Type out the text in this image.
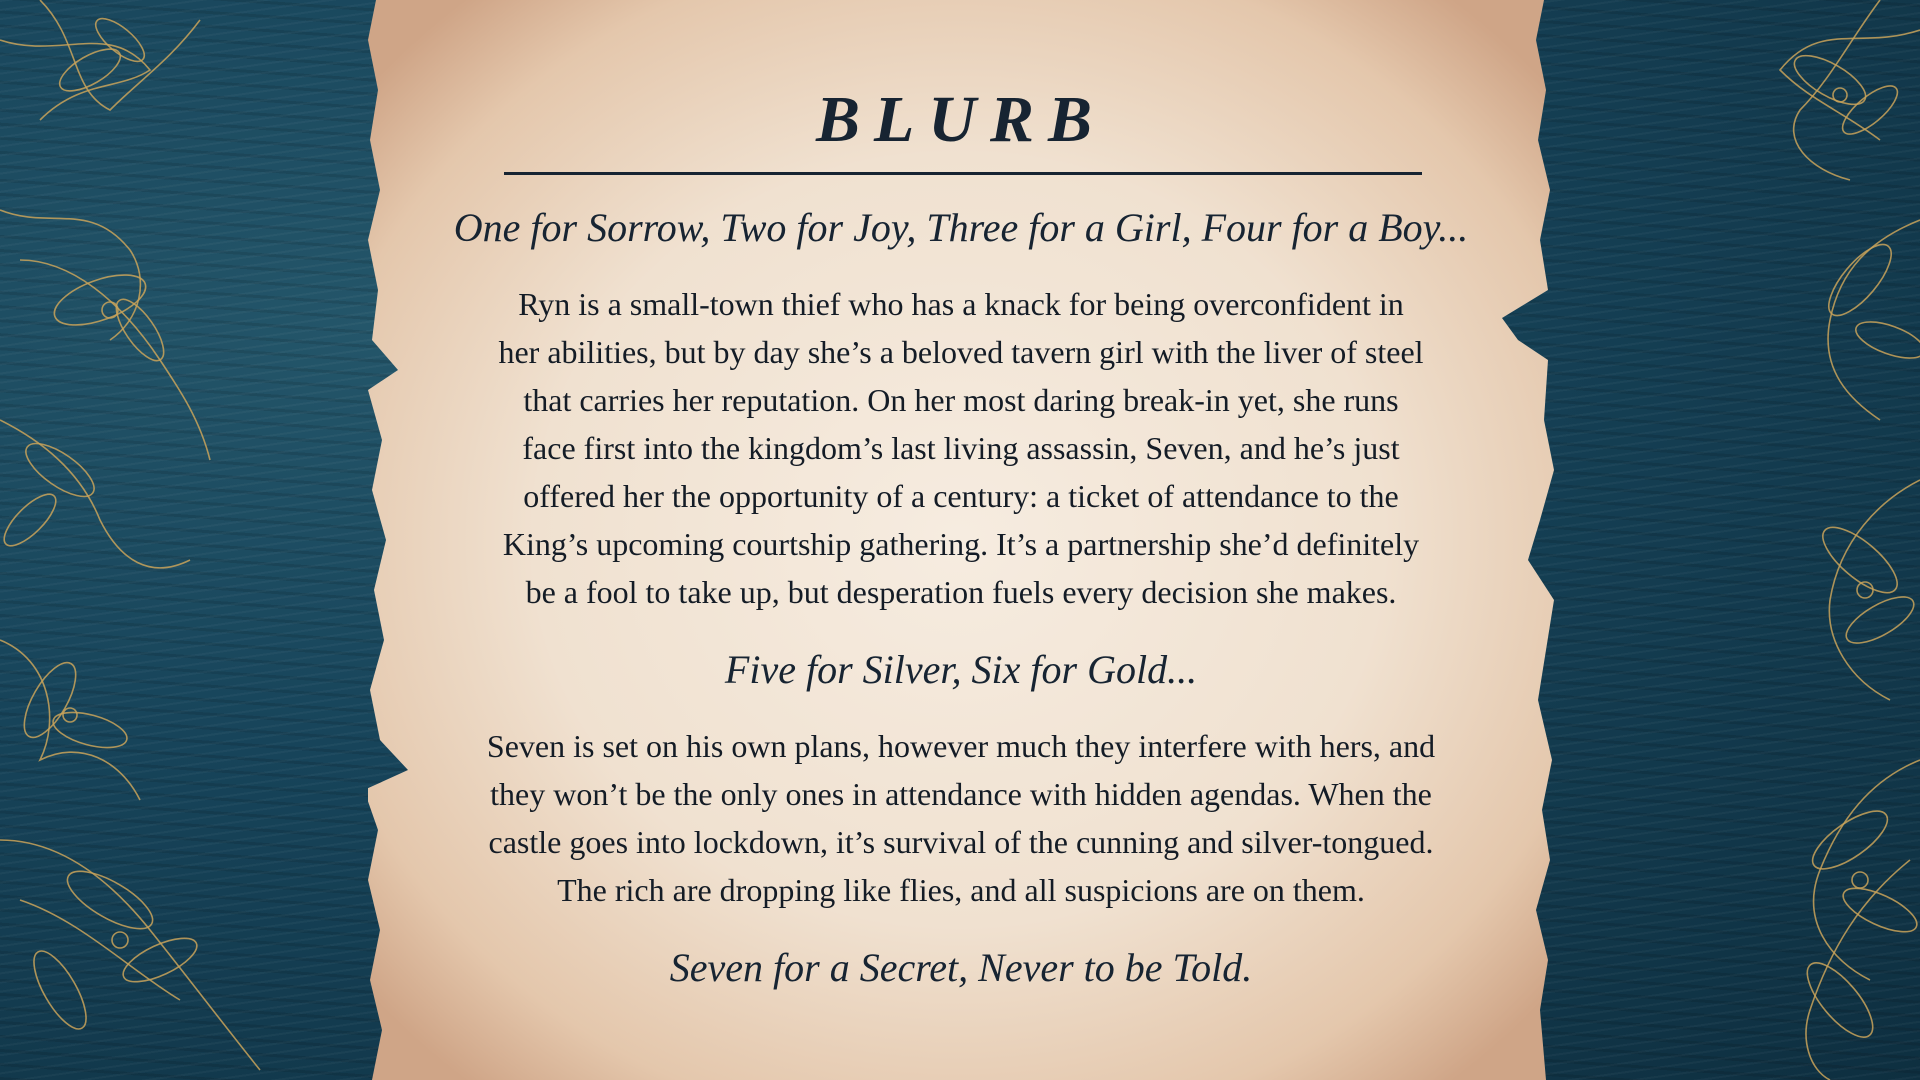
BLURB
One for Sorrow, Two for Joy, Three for a Girl, Four for a Boy...
Ryn is a small-town thief who has a knack for being overconfident in
her abilities, but by day she’s a beloved tavern girl with the liver of steel
that carries her reputation. On her most daring break-in yet, she runs
face first into the kingdom’s last living assassin, Seven, and he’s just
offered her the opportunity of a century: a ticket of attendance to the
King’s upcoming courtship gathering. It’s a partnership she’d definitely
be a fool to take up, but desperation fuels every decision she makes.
Five for Silver, Six for Gold...
Seven is set on his own plans, however much they interfere with hers, and
they won’t be the only ones in attendance with hidden agendas. When the
castle goes into lockdown, it’s survival of the cunning and silver-tongued.
The rich are dropping like flies, and all suspicions are on them.
Seven for a Secret, Never to be Told.
